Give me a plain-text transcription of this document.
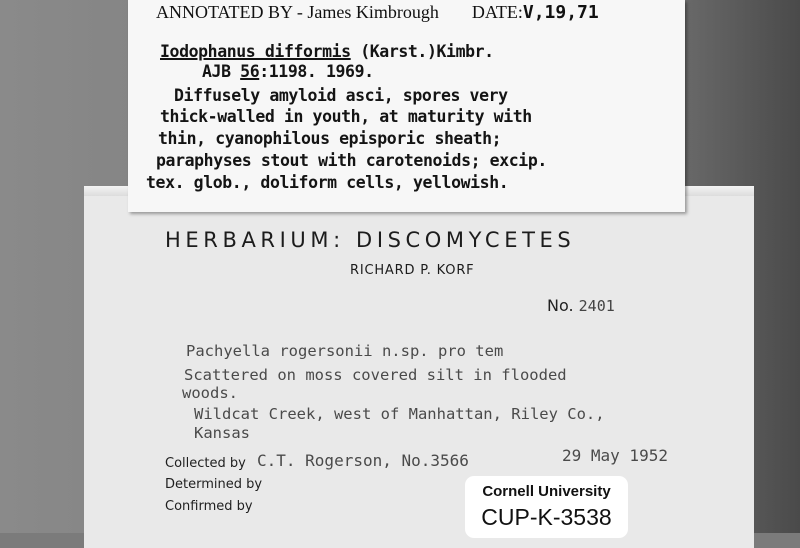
HERBARIUM: DISCOMYCETES
RICHARD P. KORF
No. 2401
Pachyella rogersonii n.sp. pro tem
Scattered on moss covered silt in flooded
woods.
Wildcat Creek, west of Manhattan, Riley Co.,
Kansas
Collected by C.T. Rogerson, No.3566	29 May 1952
Determined by
Confirmed by
ANNOTATED BY - James Kimbrough DATE:V,19,71
Iodophanus difformis (Karst.)Kimbr.
AJB 56:1198. 1969.
Diffusely amyloid asci, spores very
thick-walled in youth, at maturity with
thin, cyanophilous episporic sheath;
paraphyses stout with carotenoids; excip.
tex. glob., doliform cells, yellowish.
Cornell University
CUP-K-3538
